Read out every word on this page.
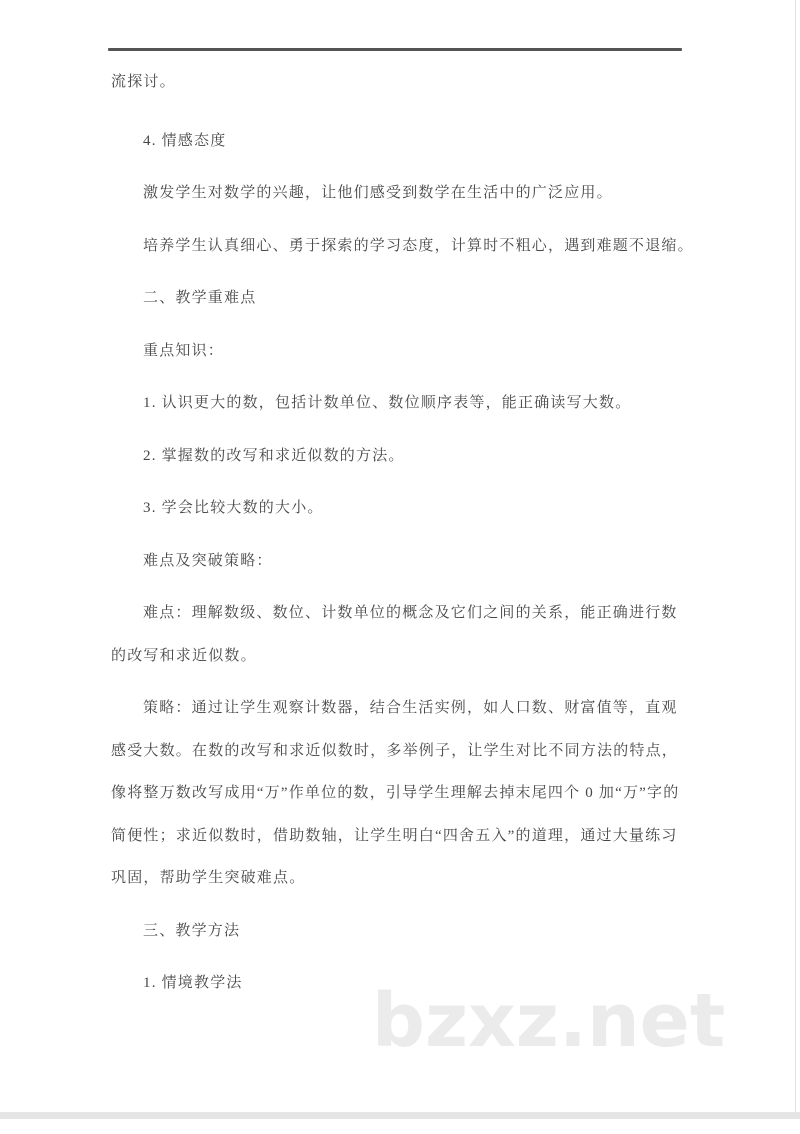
流探讨。
4. 情感态度
激发学生对数学的兴趣，让他们感受到数学在生活中的广泛应用。
培养学生认真细心、勇于探索的学习态度，计算时不粗心，遇到难题不退缩。
二、教学重难点
重点知识：
1. 认识更大的数，包括计数单位、数位顺序表等，能正确读写大数。
2. 掌握数的改写和求近似数的方法。
3. 学会比较大数的大小。
难点及突破策略：
难点：理解数级、数位、计数单位的概念及它们之间的关系，能正确进行数
的改写和求近似数。
策略：通过让学生观察计数器，结合生活实例，如人口数、财富值等，直观
感受大数。在数的改写和求近似数时，多举例子，让学生对比不同方法的特点，
像将整万数改写成用“万”作单位的数，引导学生理解去掉末尾四个 0 加“万”字的
简便性；求近似数时，借助数轴，让学生明白“四舍五入”的道理，通过大量练习
巩固，帮助学生突破难点。
三、教学方法
1. 情境教学法	bzxz.net
